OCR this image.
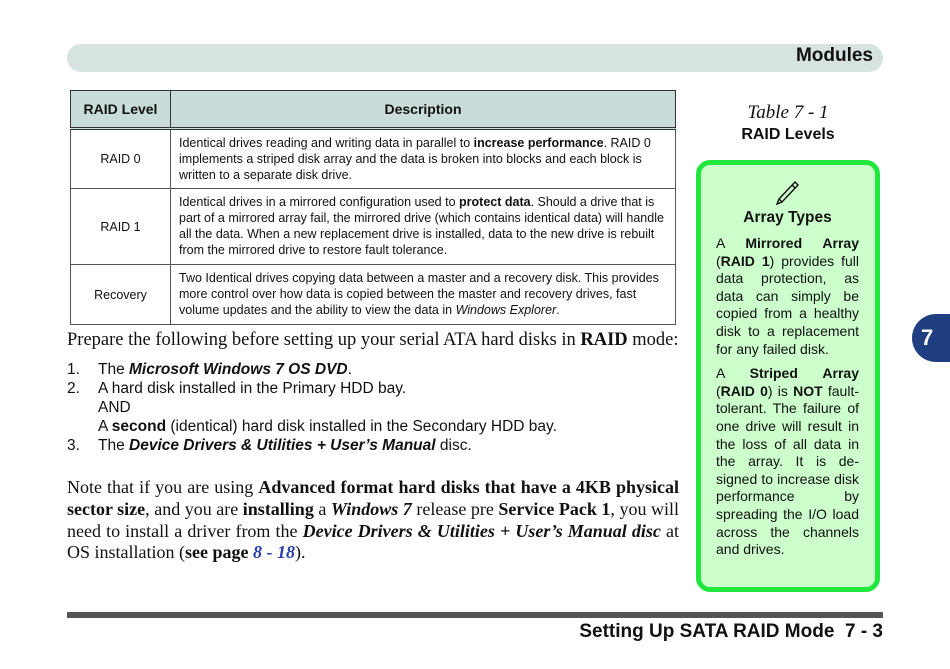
Modules
7
RAID Level	Description
RAID 0	Identical drives reading and writing data in parallel to increase performance. RAID 0 implements a striped disk array and the data is broken into blocks and each block is written to a separate disk drive.
RAID 1	Identical drives in a mirrored configuration used to protect data. Should a drive that is part of a mirrored array fail, the mirrored drive (which contains identical data) will handle all the data. When a new replacement drive is installed, data to the new drive is rebuilt from the mirrored drive to restore fault tolerance.
Recovery	Two Identical drives copying data between a master and a recovery disk. This provides more control over how data is copied between the master and recovery drives, fast volume updates and the ability to view the data in Windows Explorer.
Table 7 - 1
RAID Levels
Array Types

A Mirrored Array (RAID 1) provides full data protection, as data can simply be copied from a healthy disk to a replacement for any failed disk.

A Striped Array (RAID 0) is NOT fault-tolerant. The failure of one drive will result in the loss of all data in the array. It is de-signed to increase disk performance by spreading the I/O load across the channels and drives.

Prepare the following before setting up your serial ATA hard disks in RAID mode:
1. The Microsoft Windows 7 OS DVD.
2. A hard disk installed in the Primary HDD bay.
AND
A second (identical) hard disk installed in the Secondary HDD bay.
3. The Device Drivers & Utilities + User’s Manual disc.
Note that if you are using Advanced format hard disks that have a 4KB physical sector size, and you are installing a Windows 7 release pre Service Pack 1, you will need to install a driver from the Device Drivers & Utilities + User’s Manual disc at OS installation (see page 8 - 18).
Setting Up SATA RAID Mode 7 - 3
